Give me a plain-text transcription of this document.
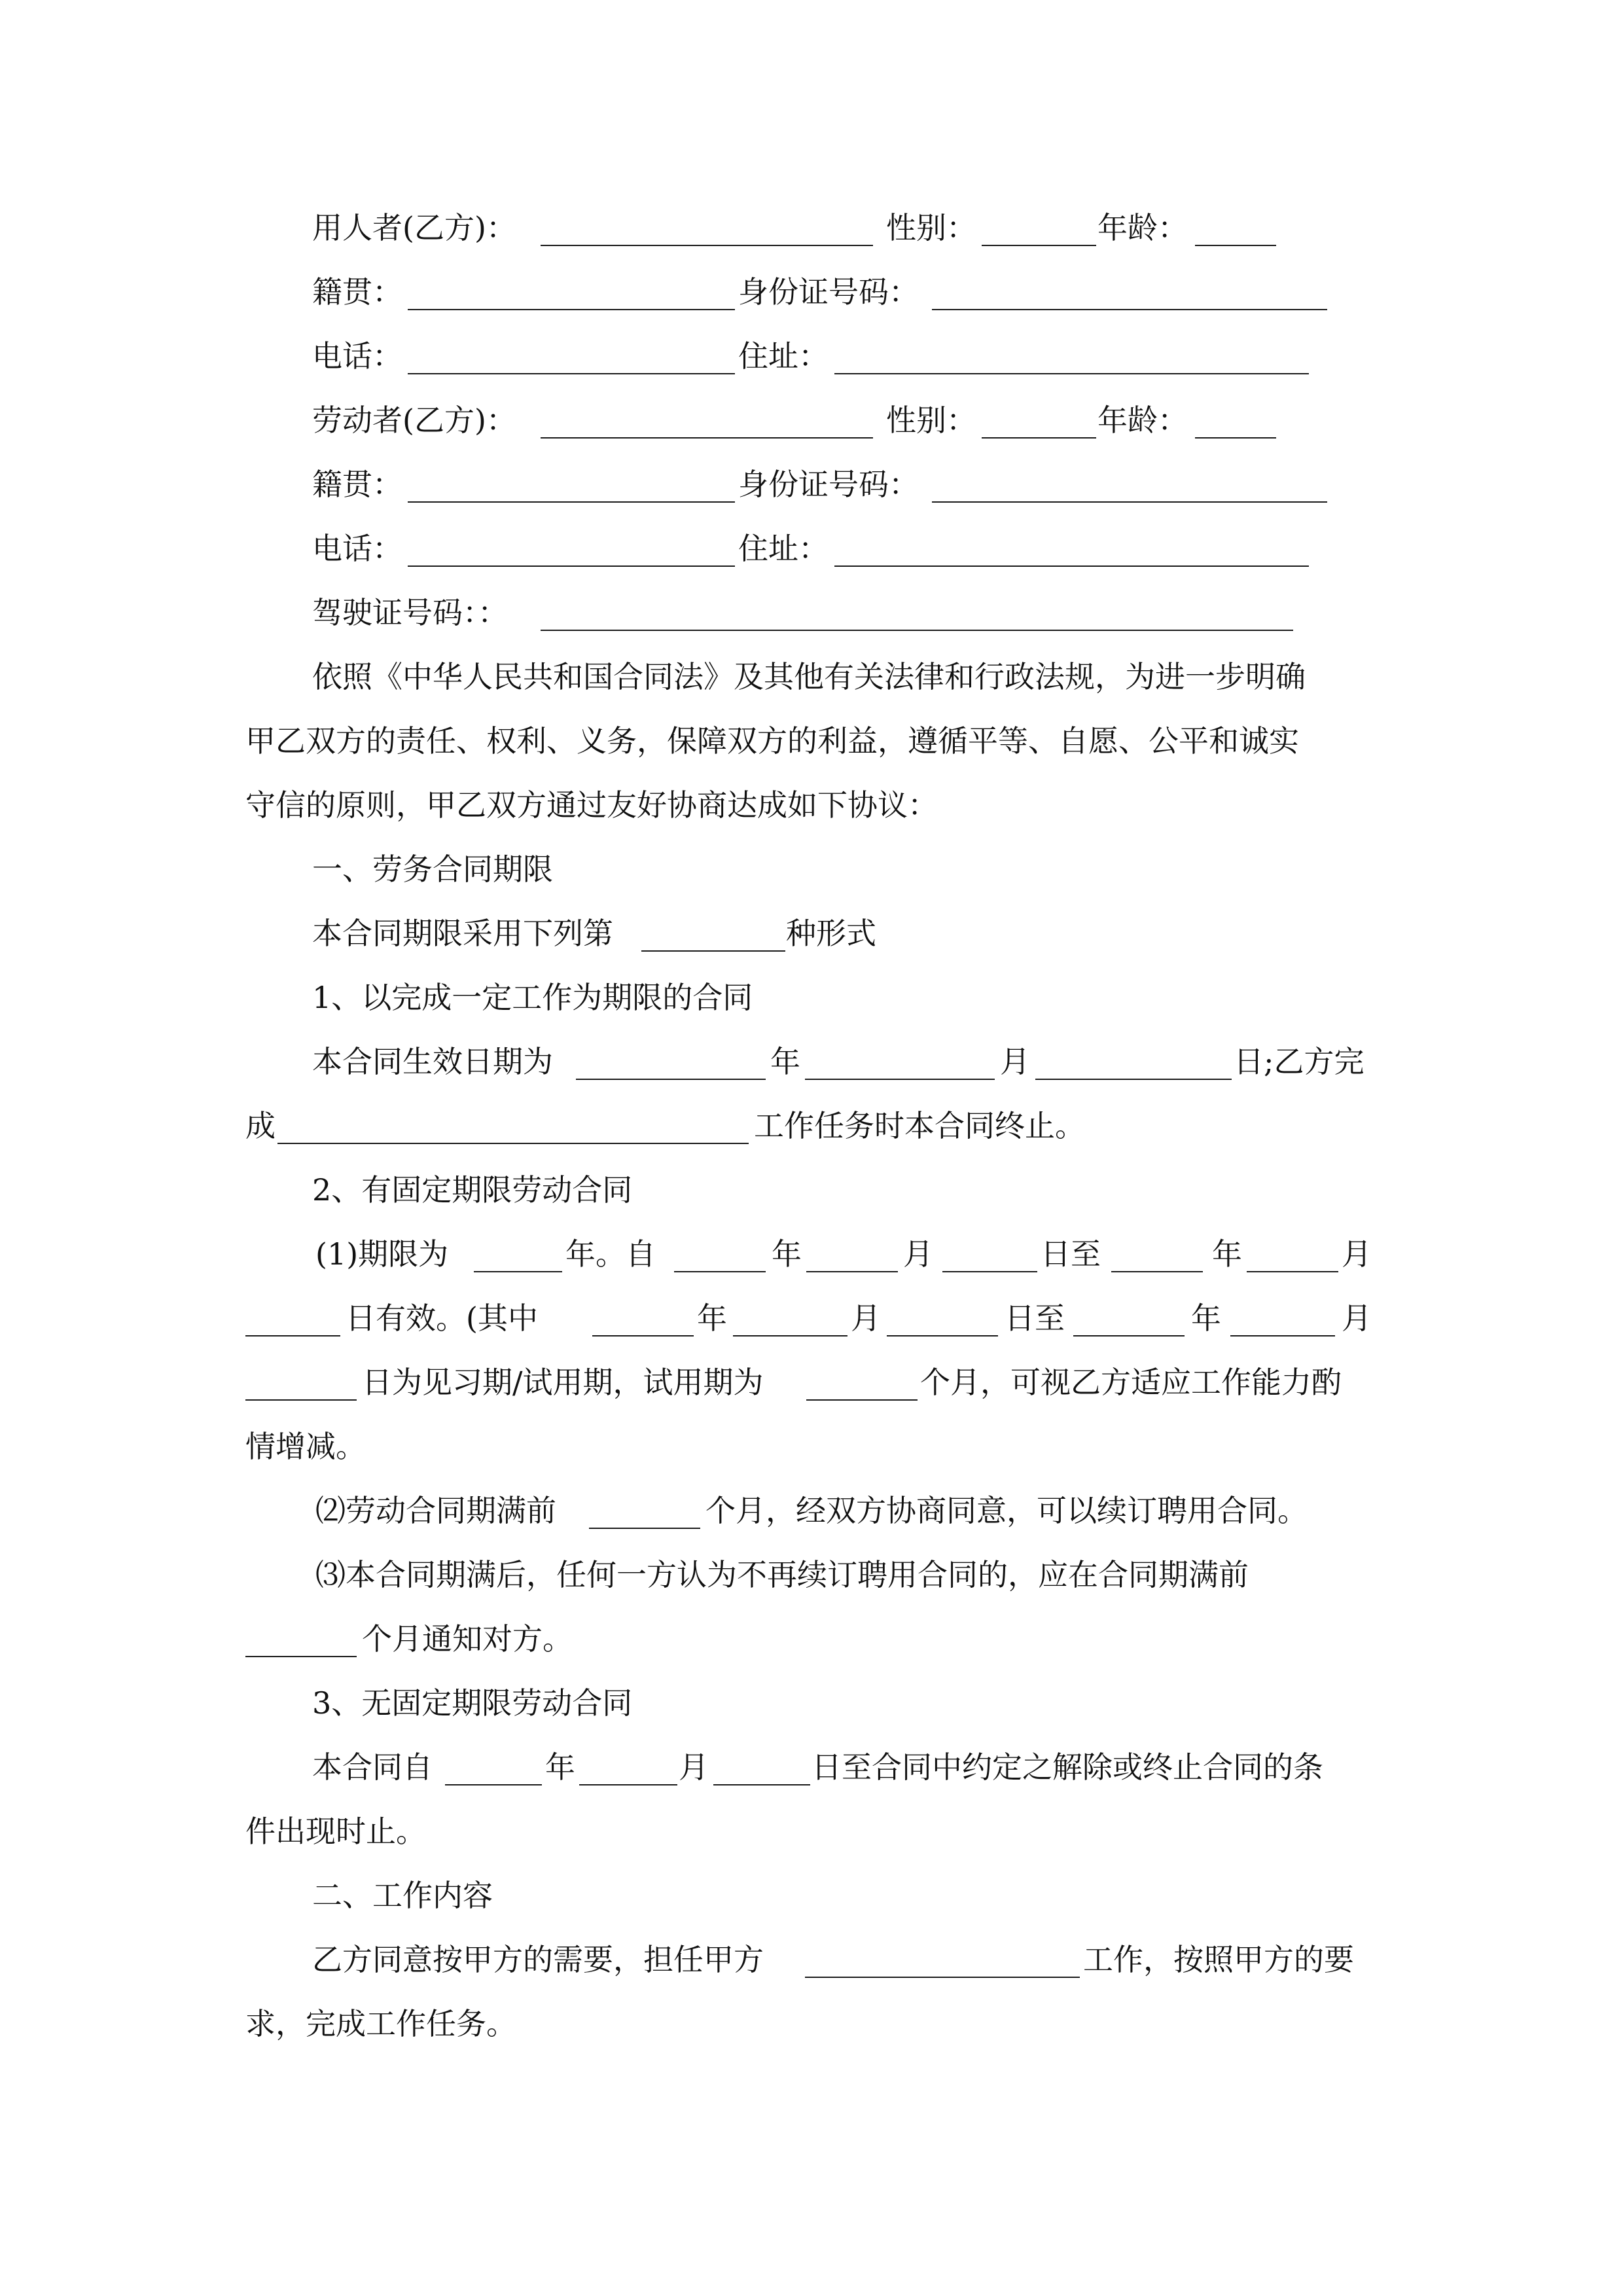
用人者(乙方)：	性别：	年龄：
籍贯：	身份证号码：
电话：	住址：
劳动者(乙方)：	性别：	年龄：
籍贯：	身份证号码：
电话：	住址：
驾驶证号码：：
依照《中华人民共和国合同法》及其他有关法律和行政法规，为进一步明确
甲乙双方的责任、权利、义务，保障双方的利益，遵循平等、自愿、公平和诚实
守信的原则，甲乙双方通过友好协商达成如下协议：
一、劳务合同期限
本合同期限采用下列第	种形式
1、以完成一定工作为期限的合同
本合同生效日期为	年	月	日;乙方完
成	工作任务时本合同终止。
2、有固定期限劳动合同
(1)期限为	年。自	年	月	日至	年	月
日有效。(其中	年	月	日至	年	月
日为见习期/试用期，试用期为	个月，可视乙方适应工作能力酌
情增减。
⑵劳动合同期满前	个月，经双方协商同意，可以续订聘用合同。
⑶本合同期满后，任何一方认为不再续订聘用合同的，应在合同期满前
个月通知对方。
3、无固定期限劳动合同
本合同自	年	月	日至合同中约定之解除或终止合同的条
件出现时止。
二、工作内容
乙方同意按甲方的需要，担任甲方	工作，按照甲方的要
求，完成工作任务。
